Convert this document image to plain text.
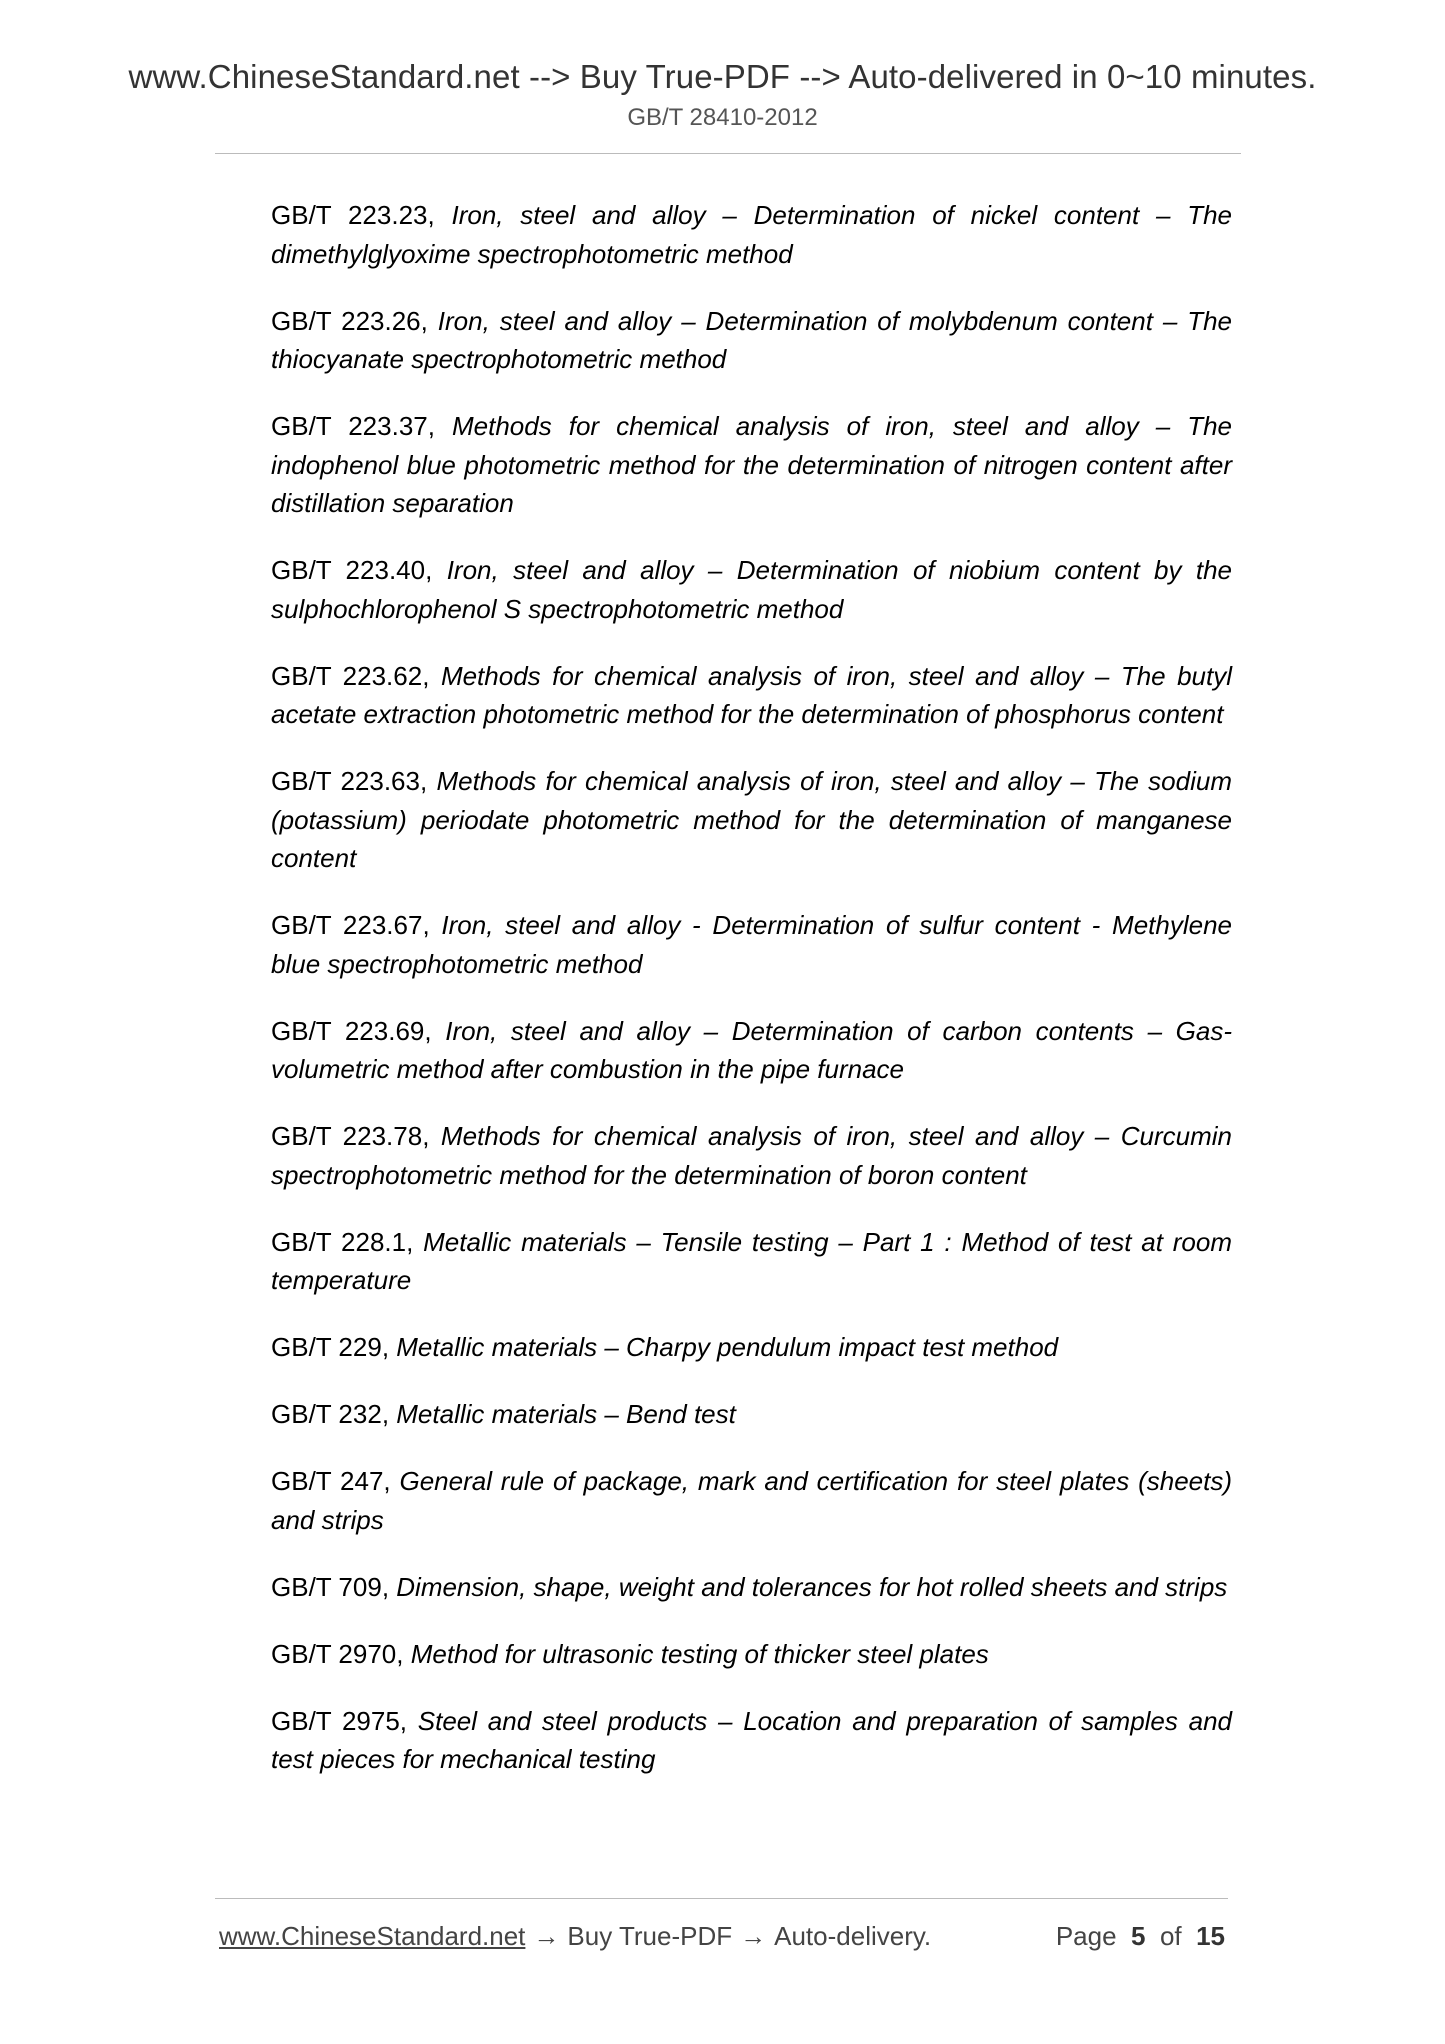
www.ChineseStandard.net --> Buy True-PDF --> Auto-delivered in 0~10 minutes.
GB/T 28410-2012
GB/T 223.23, Iron, steel and alloy – Determination of nickel content – The dimethylglyoxime spectrophotometric method
GB/T 223.26, Iron, steel and alloy – Determination of molybdenum content – The thiocyanate spectrophotometric method
GB/T 223.37, Methods for chemical analysis of iron, steel and alloy – The indophenol blue photometric method for the determination of nitrogen content after distillation separation
GB/T 223.40, Iron, steel and alloy – Determination of niobium content by the sulphochlorophenol S spectrophotometric method
GB/T 223.62, Methods for chemical analysis of iron, steel and alloy – The butyl acetate extraction photometric method for the determination of phosphorus content
GB/T 223.63, Methods for chemical analysis of iron, steel and alloy – The sodium (potassium) periodate photometric method for the determination of manganese content
GB/T 223.67, Iron, steel and alloy - Determination of sulfur content - Methylene blue spectrophotometric method
GB/T 223.69, Iron, steel and alloy – Determination of carbon contents – Gas-volumetric method after combustion in the pipe furnace
GB/T 223.78, Methods for chemical analysis of iron, steel and alloy – Curcumin spectrophotometric method for the determination of boron content
GB/T 228.1, Metallic materials – Tensile testing – Part 1 : Method of test at room temperature
GB/T 229, Metallic materials – Charpy pendulum impact test method
GB/T 232, Metallic materials – Bend test
GB/T 247, General rule of package, mark and certification for steel plates (sheets) and strips
GB/T 709, Dimension, shape, weight and tolerances for hot rolled sheets and strips
GB/T 2970, Method for ultrasonic testing of thicker steel plates
GB/T 2975, Steel and steel products – Location and preparation of samples and test pieces for mechanical testing
www.ChineseStandard.net → Buy True-PDF → Auto-delivery.	Page 5 of 15
